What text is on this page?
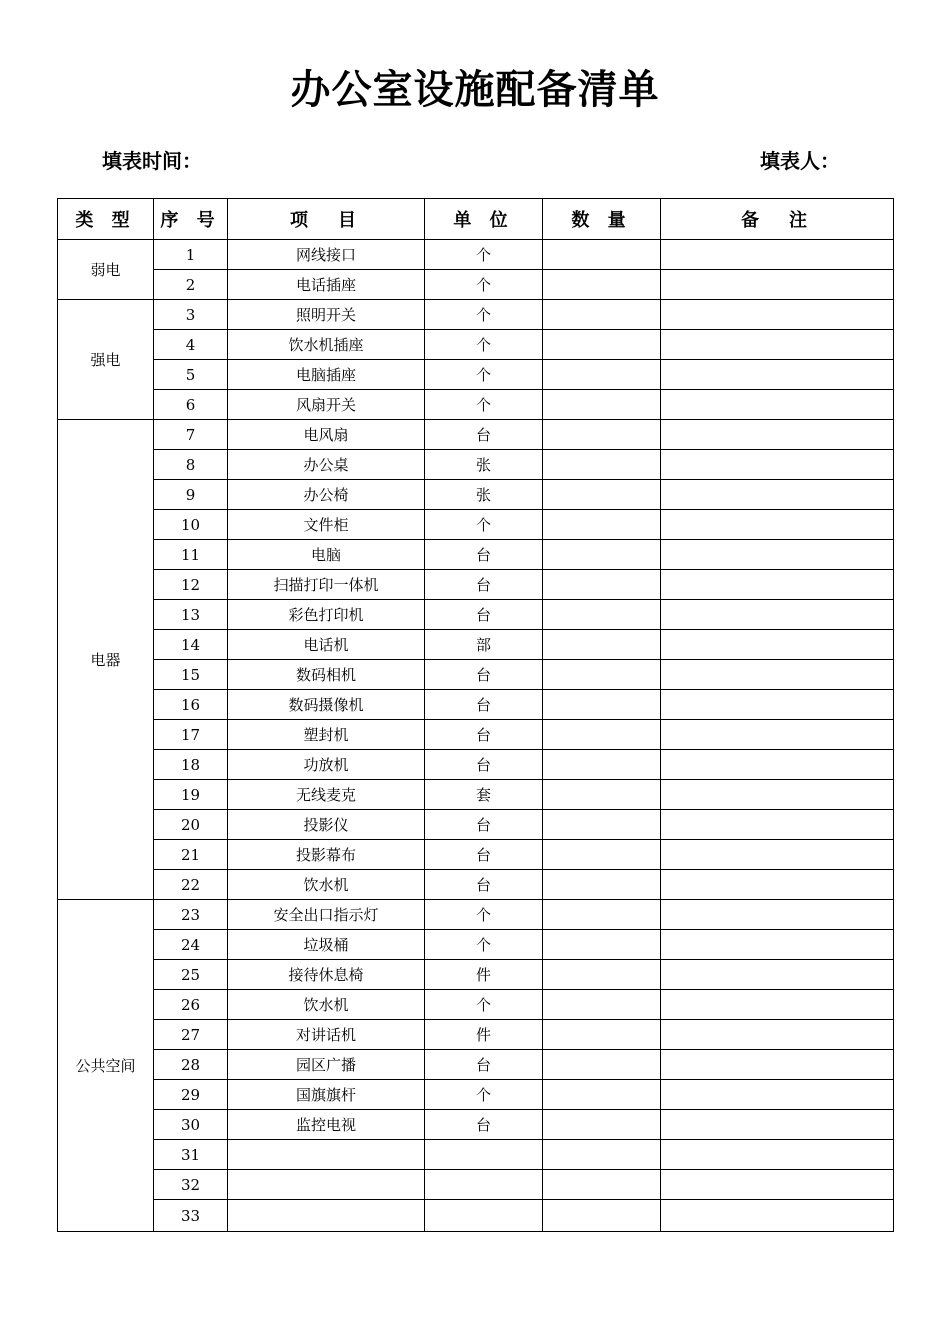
办公室设施配备清单
填表时间：	填表人：
类 型	序 号	项　目	单 位	数 量	备　注
弱电	1	网线接口	个		
	2	电话插座	个		
强电	3	照明开关	个		
	4	饮水机插座	个		
	5	电脑插座	个		
	6	风扇开关	个		
电器	7	电风扇	台		
	8	办公桌	张		
	9	办公椅	张		
	10	文件柜	个		
	11	电脑	台		
	12	扫描打印一体机	台		
	13	彩色打印机	台		
	14	电话机	部		
	15	数码相机	台		
	16	数码摄像机	台		
	17	塑封机	台		
	18	功放机	台		
	19	无线麦克	套		
	20	投影仪	台		
	21	投影幕布	台		
	22	饮水机	台		
公共空间	23	安全出口指示灯	个		
	24	垃圾桶	个		
	25	接待休息椅	件		
	26	饮水机	个		
	27	对讲话机	件		
	28	园区广播	台		
	29	国旗旗杆	个		
	30	监控电视	台		
	31				
	32				
	33				
